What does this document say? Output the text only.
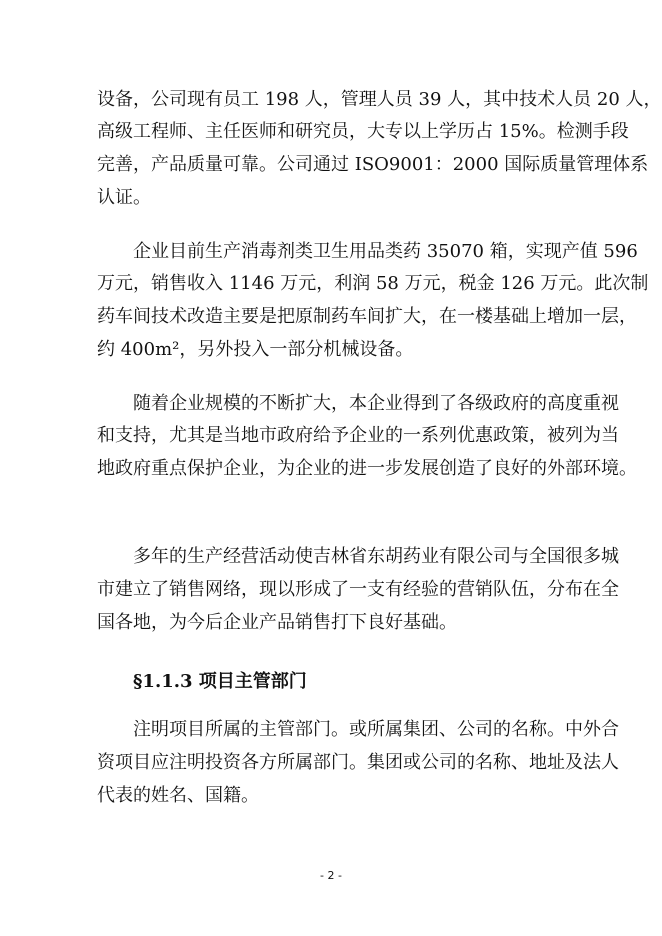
设备，公司现有员工 198 人，管理人员 39 人，其中技术人员 20 人，
高级工程师、主任医师和研究员，大专以上学历占 15%。检测手段
完善，产品质量可靠。公司通过 ISO9001：2000 国际质量管理体系
认证。
企业目前生产消毒剂类卫生用品类药 35070 箱，实现产值 596
万元，销售收入 1146 万元，利润 58 万元，税金 126 万元。此次制
药车间技术改造主要是把原制药车间扩大，在一楼基础上增加一层，
约 400m²，另外投入一部分机械设备。
随着企业规模的不断扩大，本企业得到了各级政府的高度重视
和支持，尤其是当地市政府给予企业的一系列优惠政策，被列为当
地政府重点保护企业，为企业的进一步发展创造了良好的外部环境。
多年的生产经营活动使吉林省东胡药业有限公司与全国很多城
市建立了销售网络，现以形成了一支有经验的营销队伍，分布在全
国各地，为今后企业产品销售打下良好基础。
§1.1.3 项目主管部门
注明项目所属的主管部门。或所属集团、公司的名称。中外合
资项目应注明投资各方所属部门。集团或公司的名称、地址及法人
代表的姓名、国籍。
- 2 -
